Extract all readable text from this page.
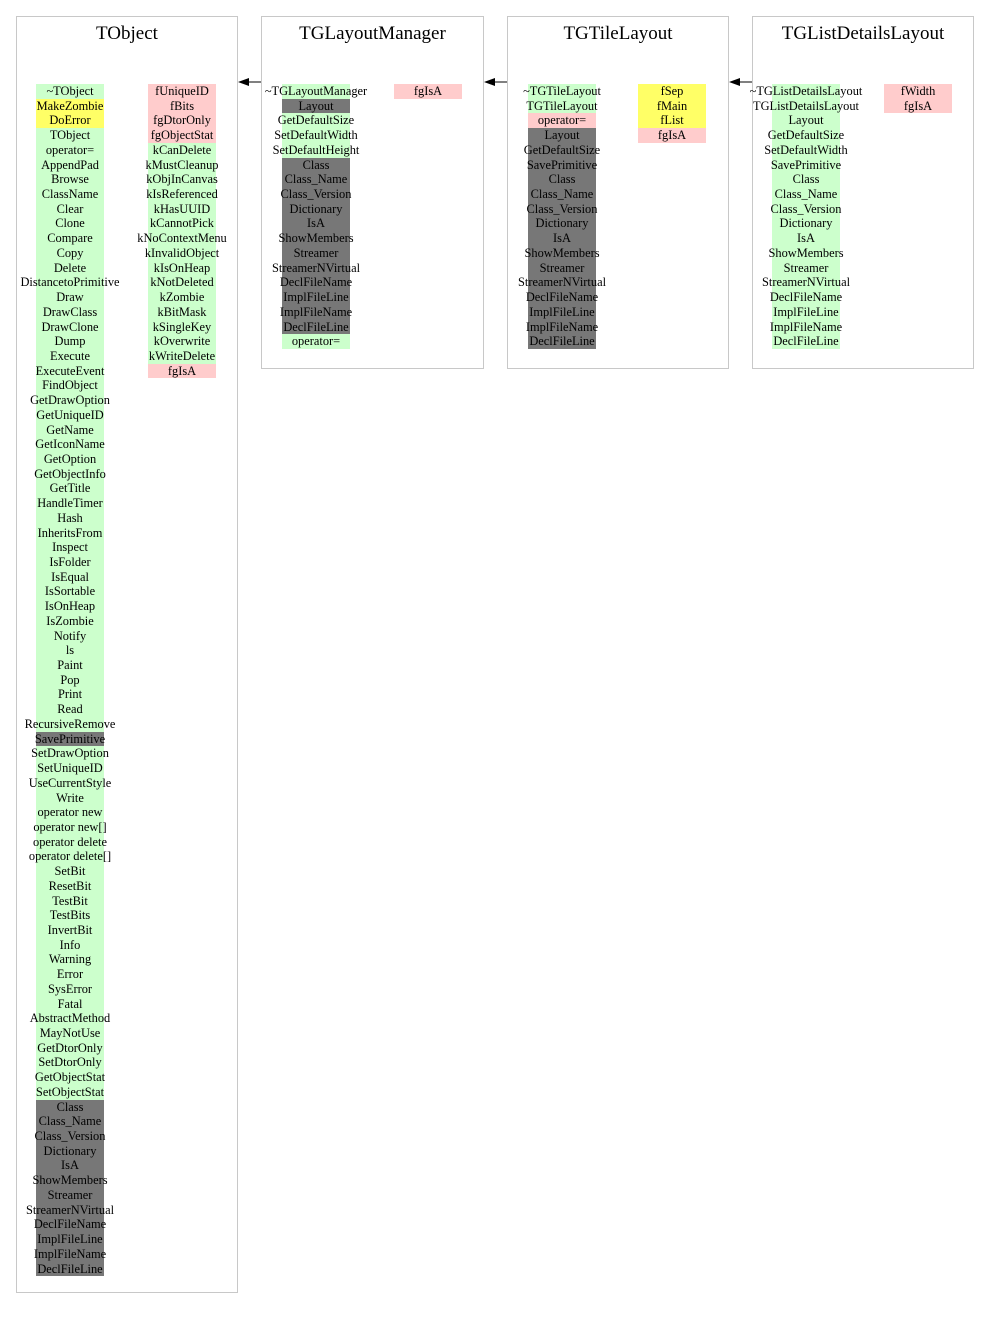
TObject
~TObject
MakeZombie
DoError
TObject
operator=
AppendPad
Browse
ClassName
Clear
Clone
Compare
Copy
Delete
DistancetoPrimitive
Draw
DrawClass
DrawClone
Dump
Execute
ExecuteEvent
FindObject
GetDrawOption
GetUniqueID
GetName
GetIconName
GetOption
GetObjectInfo
GetTitle
HandleTimer
Hash
InheritsFrom
Inspect
IsFolder
IsEqual
IsSortable
IsOnHeap
IsZombie
Notify
ls
Paint
Pop
Print
Read
RecursiveRemove
SavePrimitive
SetDrawOption
SetUniqueID
UseCurrentStyle
Write
operator new
operator new[]
operator delete
operator delete[]
SetBit
ResetBit
TestBit
TestBits
InvertBit
Info
Warning
Error
SysError
Fatal
AbstractMethod
MayNotUse
GetDtorOnly
SetDtorOnly
GetObjectStat
SetObjectStat
Class
Class_Name
Class_Version
Dictionary
IsA
ShowMembers
Streamer
StreamerNVirtual
DeclFileName
ImplFileLine
ImplFileName
DeclFileLine
fUniqueID
fBits
fgDtorOnly
fgObjectStat
kCanDelete
kMustCleanup
kObjInCanvas
kIsReferenced
kHasUUID
kCannotPick
kNoContextMenu
kInvalidObject
kIsOnHeap
kNotDeleted
kZombie
kBitMask
kSingleKey
kOverwrite
kWriteDelete
fgIsA
TGLayoutManager
~TGLayoutManager
Layout
GetDefaultSize
SetDefaultWidth
SetDefaultHeight
Class
Class_Name
Class_Version
Dictionary
IsA
ShowMembers
Streamer
StreamerNVirtual
DeclFileName
ImplFileLine
ImplFileName
DeclFileLine
operator=
fgIsA
TGTileLayout
~TGTileLayout
TGTileLayout
operator=
Layout
GetDefaultSize
SavePrimitive
Class
Class_Name
Class_Version
Dictionary
IsA
ShowMembers
Streamer
StreamerNVirtual
DeclFileName
ImplFileLine
ImplFileName
DeclFileLine
fSep
fMain
fList
fgIsA
TGListDetailsLayout
~TGListDetailsLayout
TGListDetailsLayout
Layout
GetDefaultSize
SetDefaultWidth
SavePrimitive
Class
Class_Name
Class_Version
Dictionary
IsA
ShowMembers
Streamer
StreamerNVirtual
DeclFileName
ImplFileLine
ImplFileName
DeclFileLine
fWidth
fgIsA
